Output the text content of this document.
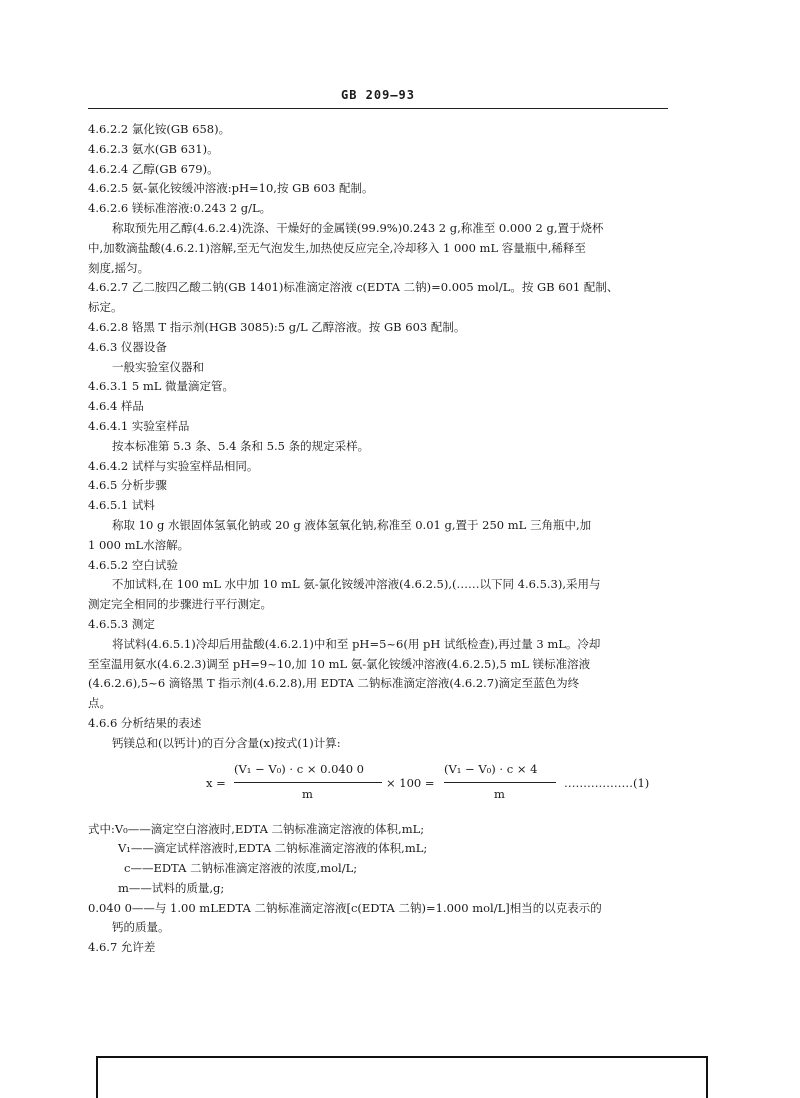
GB 209—93
4.6.2.2 氯化铵(GB 658)。
4.6.2.3 氨水(GB 631)。
4.6.2.4 乙醇(GB 679)。
4.6.2.5 氨-氯化铵缓冲溶液:pH=10,按 GB 603 配制。
4.6.2.6 镁标准溶液:0.243 2 g/L。
称取预先用乙醇(4.6.2.4)洗涤、干燥好的金属镁(99.9%)0.243 2 g,称准至 0.000 2 g,置于烧杯
中,加数滴盐酸(4.6.2.1)溶解,至无气泡发生,加热使反应完全,冷却移入 1 000 mL 容量瓶中,稀释至
刻度,摇匀。
4.6.2.7 乙二胺四乙酸二钠(GB 1401)标准滴定溶液 c(EDTA 二钠)=0.005 mol/L。按 GB 601 配制、
标定。
4.6.2.8 铬黑 T 指示剂(HGB 3085):5 g/L 乙醇溶液。按 GB 603 配制。
4.6.3 仪器设备
一般实验室仪器和
4.6.3.1 5 mL 微量滴定管。
4.6.4 样品
4.6.4.1 实验室样品
按本标准第 5.3 条、5.4 条和 5.5 条的规定采样。
4.6.4.2 试样与实验室样品相同。
4.6.5 分析步骤
4.6.5.1 试料
称取 10 g 水银固体氢氧化钠或 20 g 液体氢氧化钠,称准至 0.01 g,置于 250 mL 三角瓶中,加
1 000 mL水溶解。
4.6.5.2 空白试验
不加试料,在 100 mL 水中加 10 mL 氨-氯化铵缓冲溶液(4.6.2.5),(……以下同 4.6.5.3),采用与
测定完全相同的步骤进行平行测定。
4.6.5.3 测定
将试料(4.6.5.1)冷却后用盐酸(4.6.2.1)中和至 pH=5~6(用 pH 试纸检查),再过量 3 mL。冷却
至室温用氨水(4.6.2.3)调至 pH=9~10,加 10 mL 氨-氯化铵缓冲溶液(4.6.2.5),5 mL 镁标准溶液
(4.6.2.6),5~6 滴铬黑 T 指示剂(4.6.2.8),用 EDTA 二钠标准滴定溶液(4.6.2.7)滴定至蓝色为终
点。
4.6.6 分析结果的表述
钙镁总和(以钙计)的百分含量(x)按式(1)计算:
x =
(V₁ − V₀) · c × 0.040 0
m
× 100 =
(V₁ − V₀) · c × 4
m
………………(1)
式中:V₀——滴定空白溶液时,EDTA 二钠标准滴定溶液的体积,mL;
V₁——滴定试样溶液时,EDTA 二钠标准滴定溶液的体积,mL;
c——EDTA 二钠标准滴定溶液的浓度,mol/L;
m——试料的质量,g;
0.040 0——与 1.00 mLEDTA 二钠标准滴定溶液[c(EDTA 二钠)=1.000 mol/L]相当的以克表示的
钙的质量。
4.6.7 允许差
